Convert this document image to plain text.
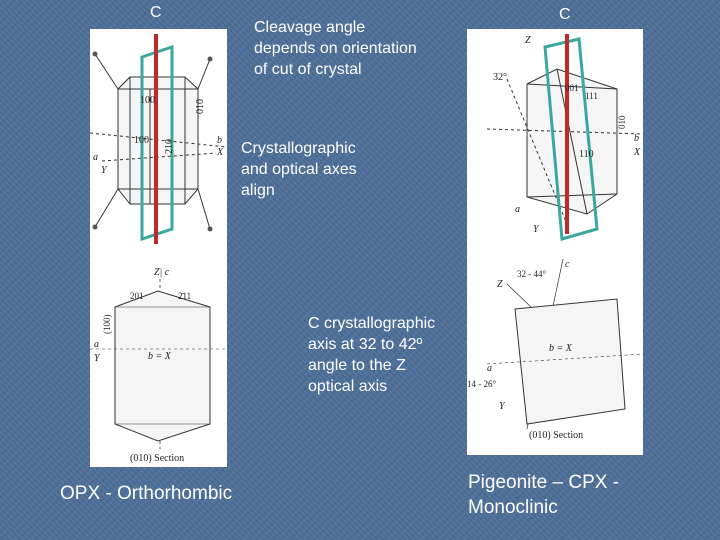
C	C
Cleavage angle
depends on orientation
of cut of crystal
Crystallographic
and optical axes
align
C crystallographic
axis at 32 to 42º
angle to the Z
optical axis
OPX - Orthorhombic
Pigeonite – CPX -
Monoclinic
100
100 210
010
a
Y
b
X
Z| c
201	2̄11
(100)
a
Y	b = X
(010) Section
Z
32°
001
111
010
110
b
X
a
Y
32 - 44°
c
Z
b = X
a
14 - 26°
Y
(010) Section
